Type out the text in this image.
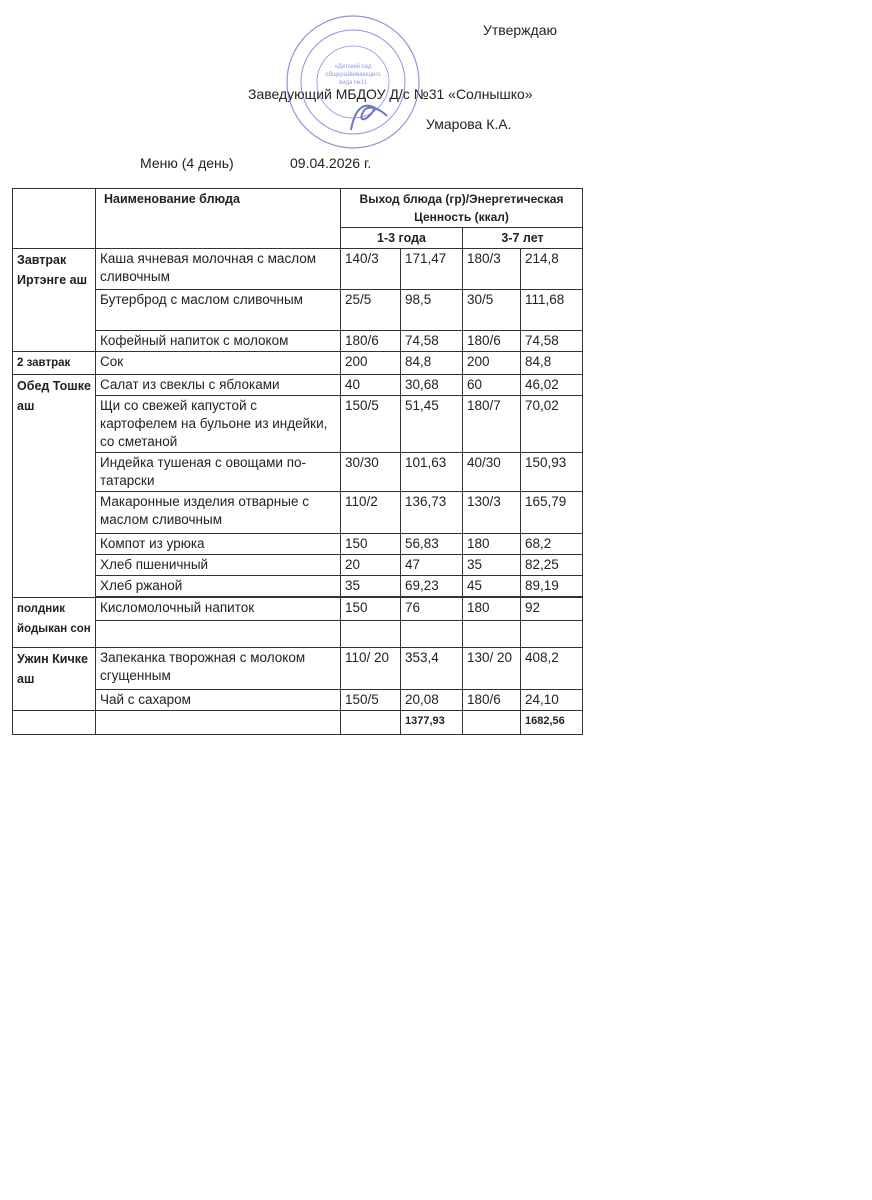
Утверждаю
Заведующий МБДОУ Д/с №31 «Солнышко»
Умарова К.А.
Меню (4 день)	09.04.2026 г.
«Детский сад
общеразвивающего
вида №31
	Наименование блюда	Выход блюда (гр)/Энергетическая Ценность (ккал)			
		1-3 года		3-7 лет	
Завтрак Иртэнге аш	Каша ячневая молочная с маслом сливочным	140/3	171,47	180/3	214,8
	Бутерброд с маслом сливочным	25/5	98,5	30/5	111,68
	Кофейный напиток с молоком	180/6	74,58	180/6	74,58
2 завтрак	Сок	200	84,8	200	84,8
Обед Тошке аш	Салат из свеклы с яблоками	40	30,68	60	46,02
	Щи со свежей капустой с картофелем на бульоне из индейки, со сметаной	150/5	51,45	180/7	70,02
	Индейка тушеная с овощами по-татарски	30/30	101,63	40/30	150,93
	Макаронные изделия отварные с маслом сливочным	110/2	136,73	130/3	165,79
	Компот из урюка	150	56,83	180	68,2
	Хлеб пшеничный	20	47	35	82,25
	Хлеб ржаной	35	69,23	45	89,19

полдник йодыкан сон	Кисломолочный напиток	150	76	180	92

Ужин Кичке аш	Запеканка творожная с молоком сгущенным	110/ 20	353,4	130/ 20	408,2
	Чай с сахаром	150/5	20,08	180/6	24,10
			1377,93		1682,56
